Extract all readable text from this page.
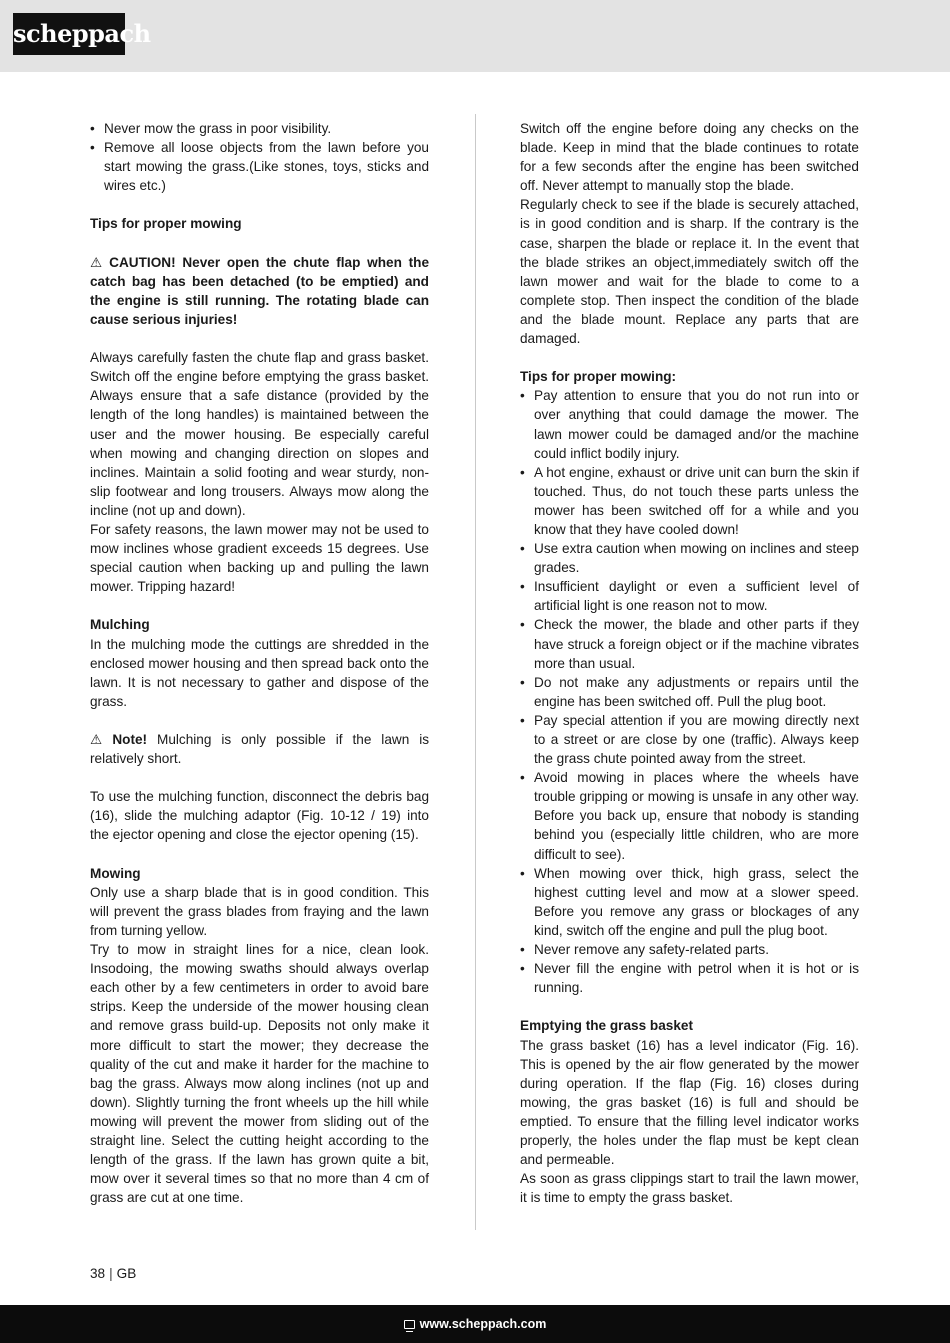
scheppach
• Never mow the grass in poor visibility.
• Remove all loose objects from the lawn before you start mowing the grass.(Like stones, toys, sticks and wires etc.)

Tips for proper mowing

⚠ CAUTION! Never open the chute flap when the catch bag has been detached (to be emptied) and the engine is still running. The rotating blade can cause serious injuries!

Always carefully fasten the chute flap and grass basket. Switch off the engine before emptying the grass basket. Always ensure that a safe distance (provided by the length of the long handles) is maintained between the user and the mower housing. Be especially careful when mowing and changing direction on slopes and inclines. Maintain a solid footing and wear sturdy, non-slip footwear and long trousers. Always mow along the incline (not up and down).

For safety reasons, the lawn mower may not be used to mow inclines whose gradient exceeds 15 degrees. Use special caution when backing up and pulling the lawn mower. Tripping hazard!

Mulching

In the mulching mode the cuttings are shredded in the enclosed mower housing and then spread back onto the lawn. It is not necessary to gather and dispose of the grass.

⚠ Note! Mulching is only possible if the lawn is relatively short.

To use the mulching function, disconnect the debris bag (16), slide the mulching adaptor (Fig. 10-12 / 19) into the ejector opening and close the ejector opening (15).

Mowing

Only use a sharp blade that is in good condition. This will prevent the grass blades from fraying and the lawn from turning yellow.

Try to mow in straight lines for a nice, clean look. Insodoing, the mowing swaths should always overlap each other by a few centimeters in order to avoid bare strips. Keep the underside of the mower housing clean and remove grass build-up. Deposits not only make it more difficult to start the mower; they decrease the quality of the cut and make it harder for the machine to bag the grass. Always mow along inclines (not up and down). Slightly turning the front wheels up the hill while mowing will prevent the mower from sliding out of the straight line. Select the cutting height according to the length of the grass. If the lawn has grown quite a bit, mow over it several times so that no more than 4 cm of grass are cut at one time.

Switch off the engine before doing any checks on the blade. Keep in mind that the blade continues to rotate for a few seconds after the engine has been switched off. Never attempt to manually stop the blade.

Regularly check to see if the blade is securely attached, is in good condition and is sharp. If the contrary is the case, sharpen the blade or replace it. In the event that the blade strikes an object,immediately switch off the lawn mower and wait for the blade to come to a complete stop. Then inspect the condition of the blade and the blade mount. Replace any parts that are damaged.

Tips for proper mowing:

• Pay attention to ensure that you do not run into or over anything that could damage the mower. The lawn mower could be damaged and/or the machine could inflict bodily injury.
• A hot engine, exhaust or drive unit can burn the skin if touched. Thus, do not touch these parts unless the mower has been switched off for a while and you know that they have cooled down!
• Use extra caution when mowing on inclines and steep grades.
• Insufficient daylight or even a sufficient level of artificial light is one reason not to mow.
• Check the mower, the blade and other parts if they have struck a foreign object or if the machine vibrates more than usual.
• Do not make any adjustments or repairs until the engine has been switched off. Pull the plug boot.
• Pay special attention if you are mowing directly next to a street or are close by one (traffic). Always keep the grass chute pointed away from the street.
• Avoid mowing in places where the wheels have trouble gripping or mowing is unsafe in any other way. Before you back up, ensure that nobody is standing behind you (especially little children, who are more difficult to see).
• When mowing over thick, high grass, select the highest cutting level and mow at a slower speed. Before you remove any grass or blockages of any kind, switch off the engine and pull the plug boot.
• Never remove any safety-related parts.
• Never fill the engine with petrol when it is hot or is running.

Emptying the grass basket

The grass basket (16) has a level indicator (Fig. 16). This is opened by the air flow generated by the mower during operation. If the flap (Fig. 16) closes during mowing, the gras basket (16) is full and should be emptied. To ensure that the filling level indicator works properly, the holes under the flap must be kept clean and permeable.

As soon as grass clippings start to trail the lawn mower, it is time to empty the grass basket.

38 | GB
www.scheppach.com
